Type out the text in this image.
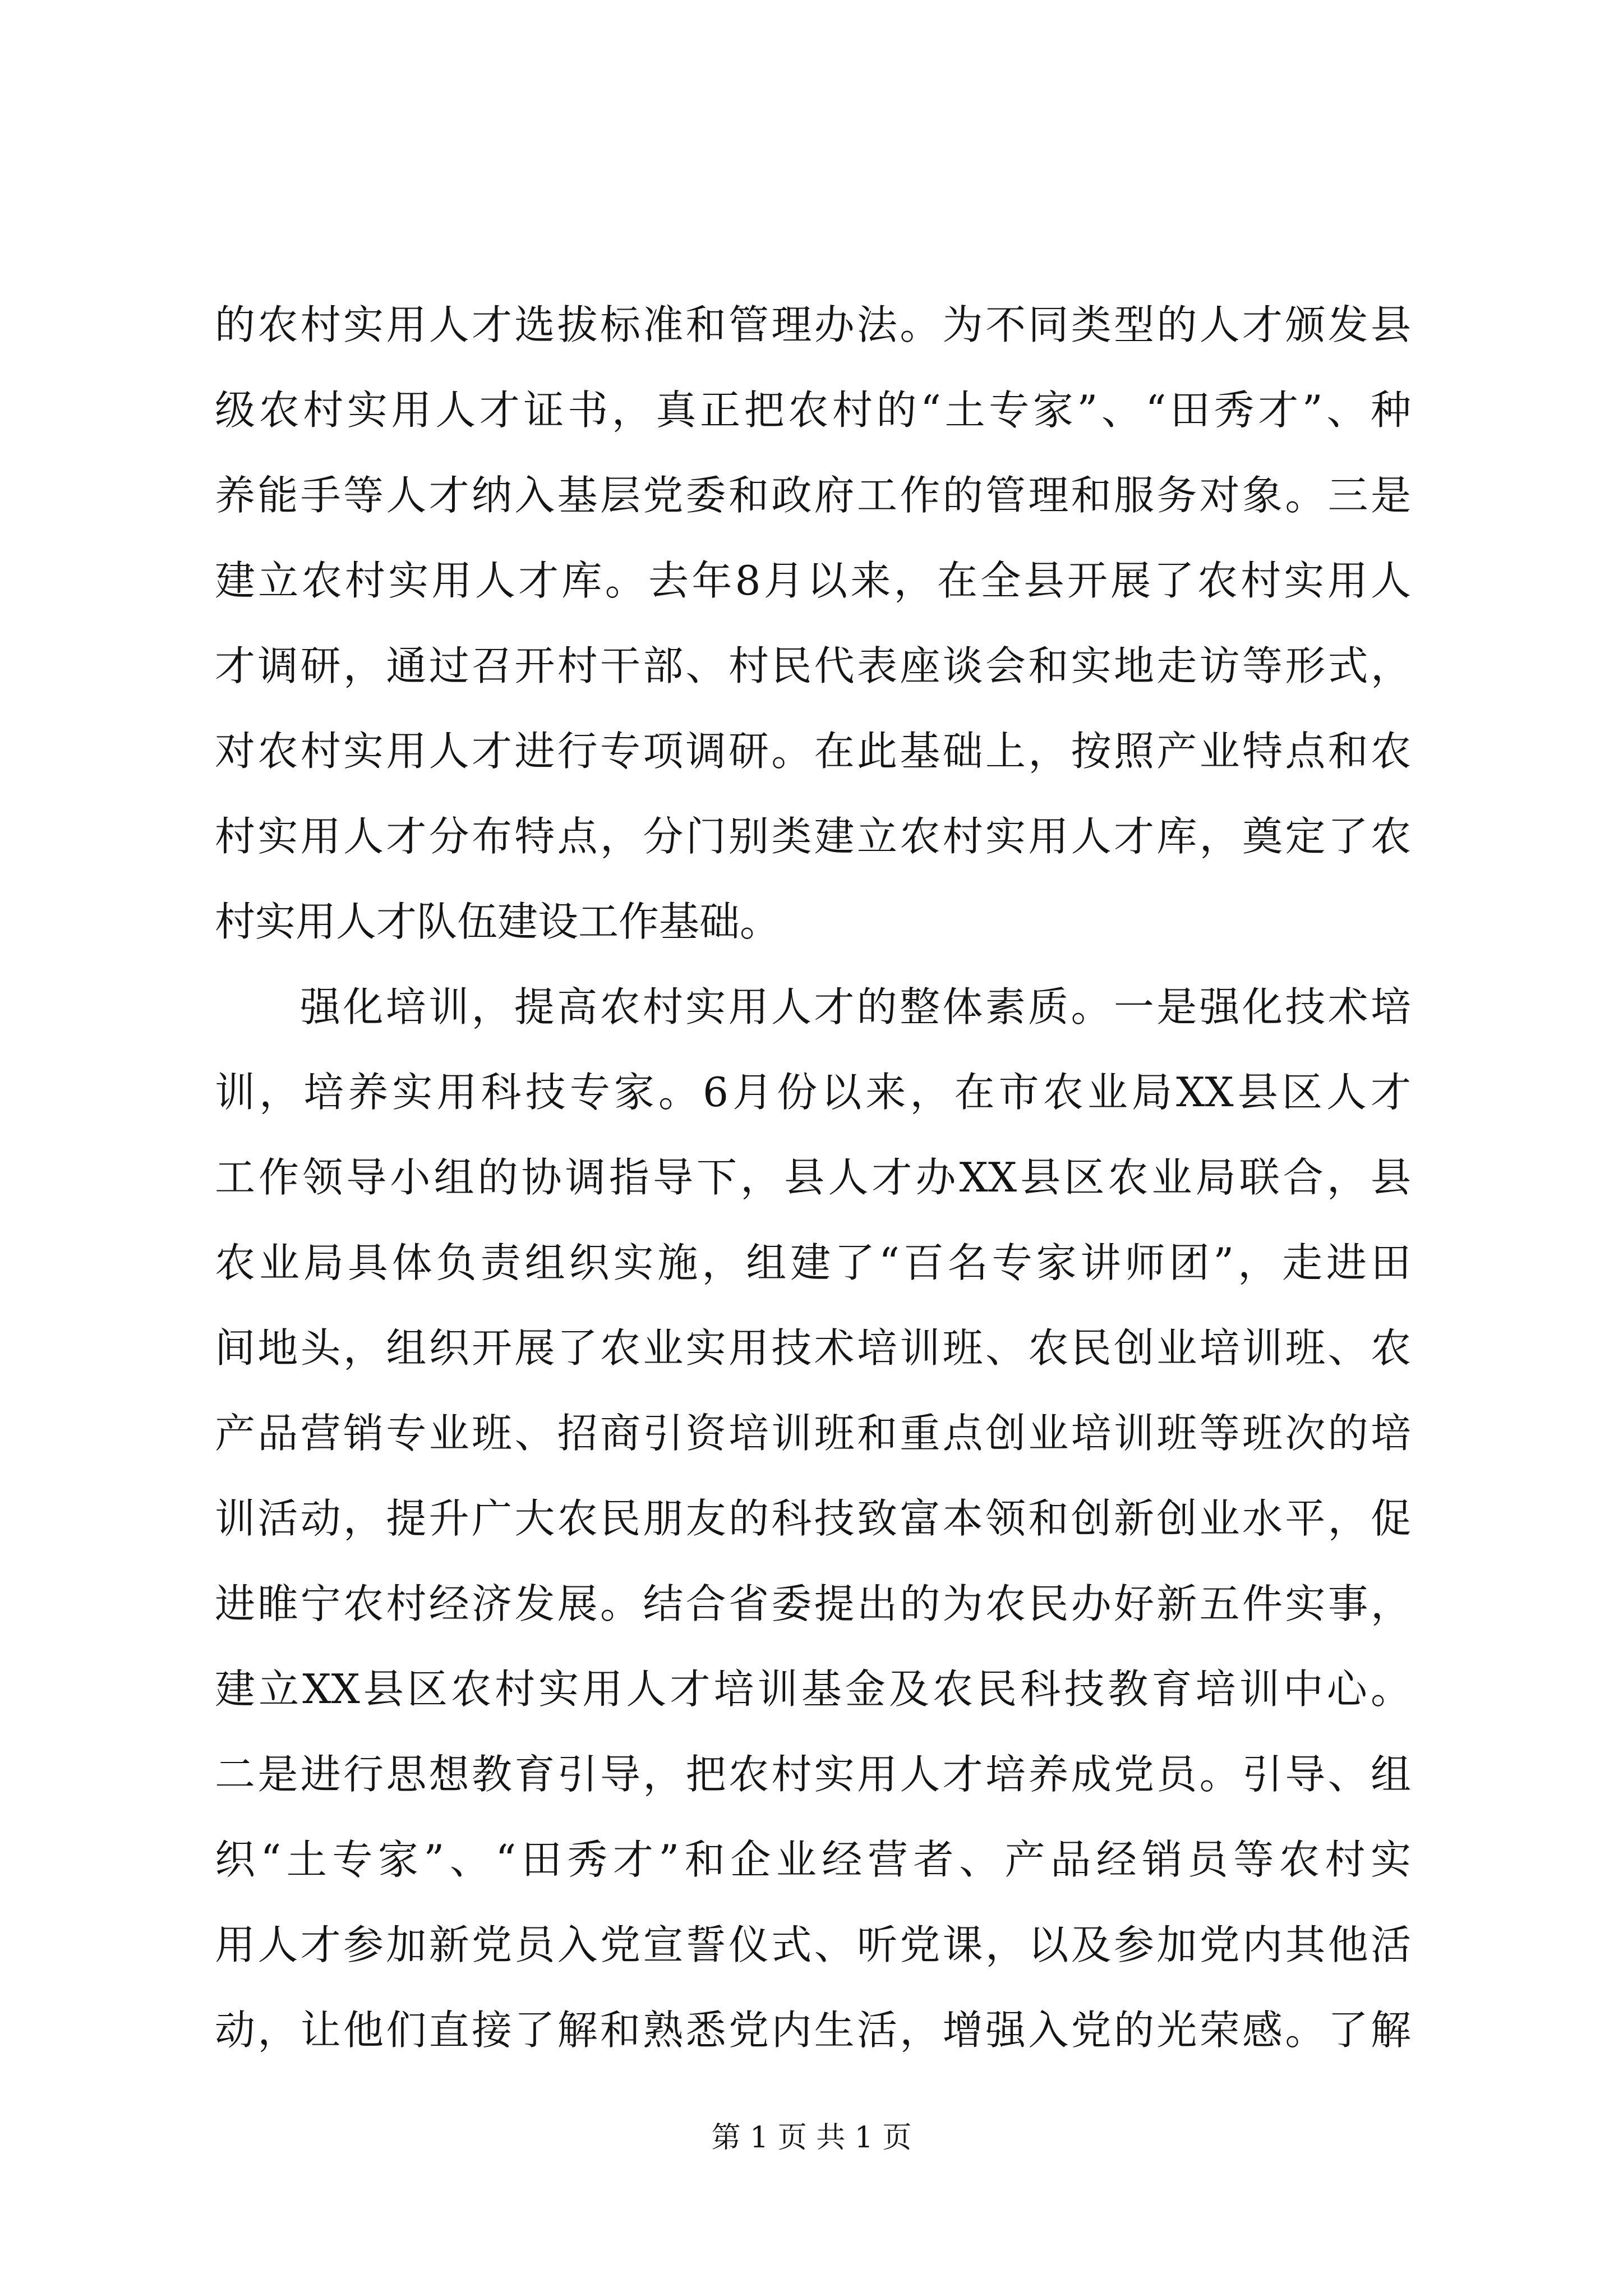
的农村实用人才选拔标准和管理办法。为不同类型的人才颁发县
级农村实用人才证书，真正把农村的“土专家”、“田秀才”、种
养能手等人才纳入基层党委和政府工作的管理和服务对象。三是
建立农村实用人才库。去年8月以来，在全县开展了农村实用人
才调研，通过召开村干部、村民代表座谈会和实地走访等形式，
对农村实用人才进行专项调研。在此基础上，按照产业特点和农
村实用人才分布特点，分门别类建立农村实用人才库，奠定了农
村实用人才队伍建设工作基础。
强化培训，提高农村实用人才的整体素质。一是强化技术培
训，培养实用科技专家。6月份以来，在市农业局XX县区人才
工作领导小组的协调指导下，县人才办XX县区农业局联合，县
农业局具体负责组织实施，组建了“百名专家讲师团”，走进田
间地头，组织开展了农业实用技术培训班、农民创业培训班、农
产品营销专业班、招商引资培训班和重点创业培训班等班次的培
训活动，提升广大农民朋友的科技致富本领和创新创业水平，促
进睢宁农村经济发展。结合省委提出的为农民办好新五件实事，
建立XX县区农村实用人才培训基金及农民科技教育培训中心。
二是进行思想教育引导，把农村实用人才培养成党员。引导、组
织“土专家”、“田秀才”和企业经营者、产品经销员等农村实
用人才参加新党员入党宣誓仪式、听党课，以及参加党内其他活
动，让他们直接了解和熟悉党内生活，增强入党的光荣感。了解
第 1 页 共 1 页
